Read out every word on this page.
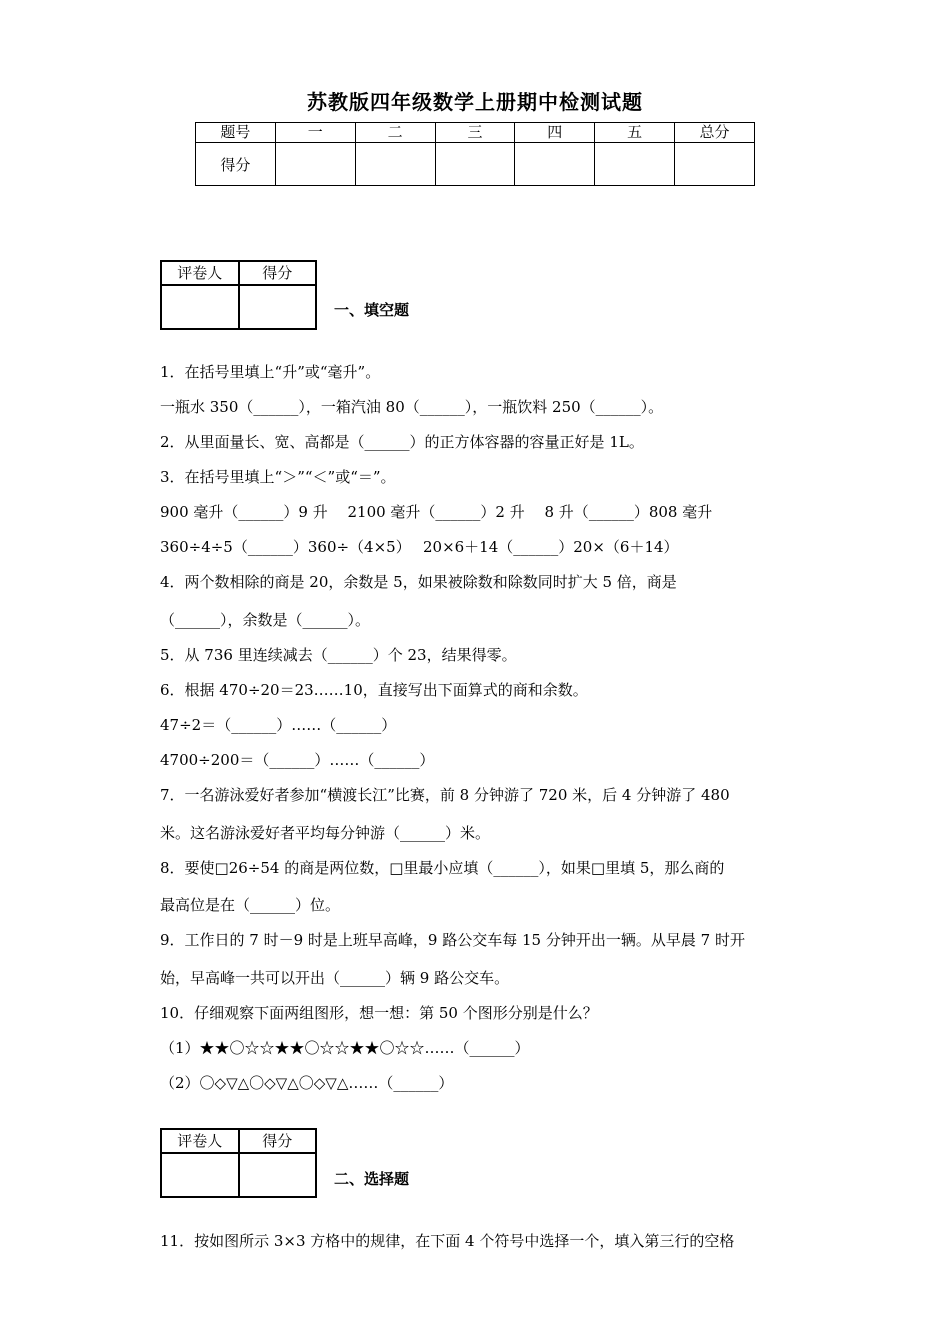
苏教版四年级数学上册期中检测试题
题号	一	二	三	四	五	总分
得分						
评卷人	得分

一、填空题
1．在括号里填上“升”或“毫升”。
一瓶水 350（______），一箱汽油 80（______），一瓶饮料 250（______）。
2．从里面量长、宽、高都是（______）的正方体容器的容量正好是 1L。
3．在括号里填上“＞”“＜”或“＝”。
900 毫升（______）9 升　 2100 毫升（______）2 升　 8 升（______）808 毫升
360÷4÷5（______）360÷（4×5）　 20×6＋14（______）20×（6＋14）
4．两个数相除的商是 20，余数是 5，如果被除数和除数同时扩大 5 倍，商是
（______），余数是（______）。
5．从 736 里连续减去（______）个 23，结果得零。
6．根据 470÷20＝23……10，直接写出下面算式的商和余数。
47÷2＝（______）……（______）
4700÷200＝（______）……（______）
7．一名游泳爱好者参加“横渡长江”比赛，前 8 分钟游了 720 米，后 4 分钟游了 480
米。这名游泳爱好者平均每分钟游（______）米。
8．要使□26÷54 的商是两位数，□里最小应填（______），如果□里填 5，那么商的
最高位是在（______）位。
9．工作日的 7 时－9 时是上班早高峰，9 路公交车每 15 分钟开出一辆。从早晨 7 时开
始，早高峰一共可以开出（______）辆 9 路公交车。
10．仔细观察下面两组图形，想一想：第 50 个图形分别是什么？
（1）★★〇☆☆★★〇☆☆★★〇☆☆……（______）
（2）〇◇▽△〇◇▽△〇◇▽△……（______）
评卷人	得分

二、选择题
11．按如图所示 3×3 方格中的规律，在下面 4 个符号中选择一个，填入第三行的空格
